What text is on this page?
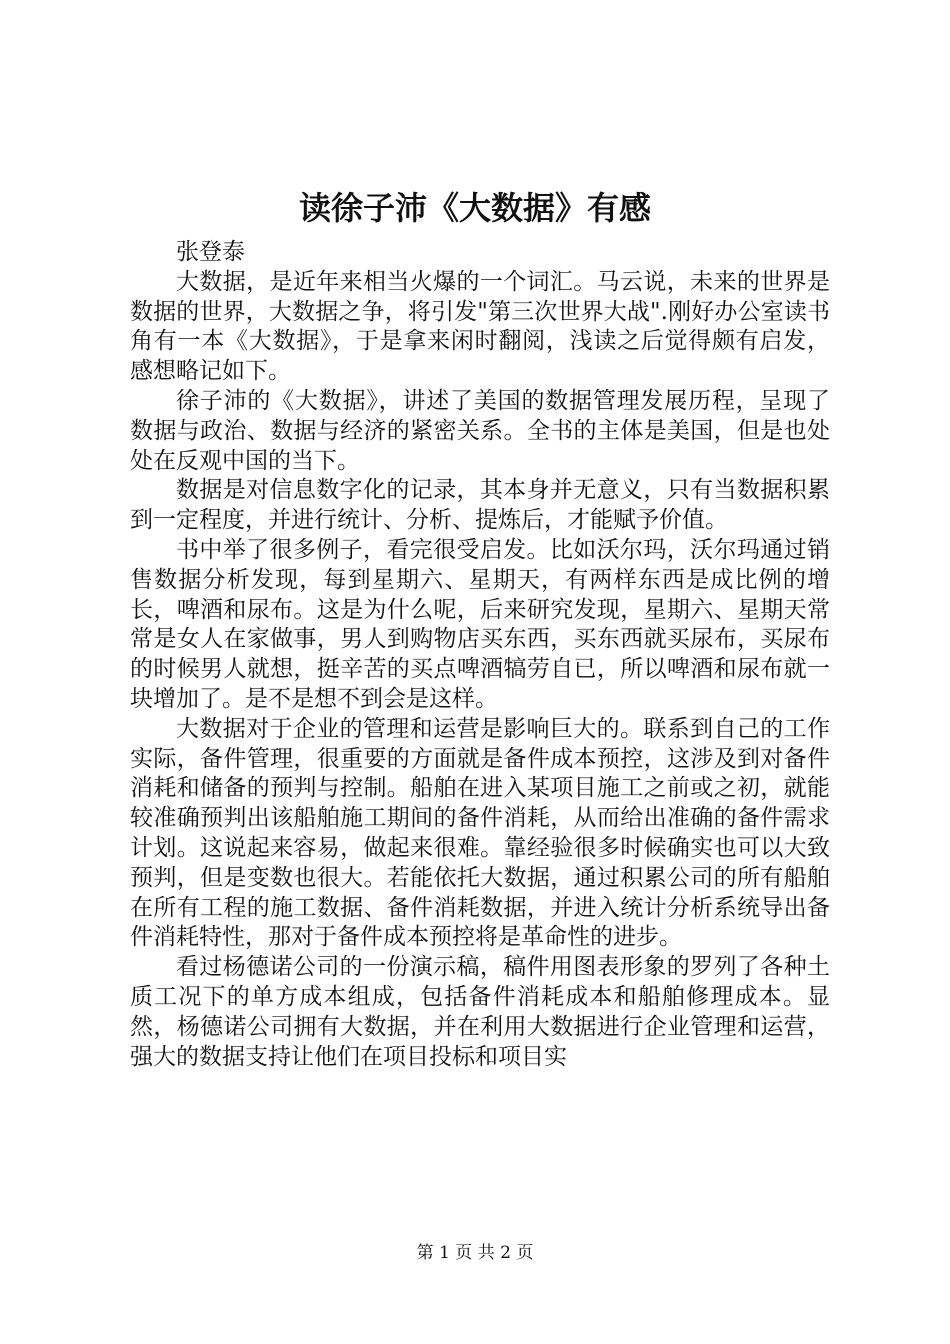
读徐子沛《大数据》有感

张登泰

大数据，是近年来相当火爆的一个词汇。马云说，未来的世界是数据的世界，大数据之争，将引发"第三次世界大战".刚好办公室读书角有一本《大数据》，于是拿来闲时翻阅，浅读之后觉得颇有启发，感想略记如下。

徐子沛的《大数据》，讲述了美国的数据管理发展历程，呈现了数据与政治、数据与经济的紧密关系。全书的主体是美国，但是也处处在反观中国的当下。

数据是对信息数字化的记录，其本身并无意义，只有当数据积累到一定程度，并进行统计、分析、提炼后，才能赋予价值。

书中举了很多例子，看完很受启发。比如沃尔玛，沃尔玛通过销售数据分析发现，每到星期六、星期天，有两样东西是成比例的增长，啤酒和尿布。这是为什么呢，后来研究发现，星期六、星期天常常是女人在家做事，男人到购物店买东西，买东西就买尿布，买尿布的时候男人就想，挺辛苦的买点啤酒犒劳自已，所以啤酒和尿布就一块增加了。是不是想不到会是这样。

大数据对于企业的管理和运营是影响巨大的。联系到自己的工作实际，备件管理，很重要的方面就是备件成本预控，这涉及到对备件消耗和储备的预判与控制。船舶在进入某项目施工之前或之初，就能较准确预判出该船舶施工期间的备件消耗，从而给出准确的备件需求计划。这说起来容易，做起来很难。靠经验很多时候确实也可以大致预判，但是变数也很大。若能依托大数据，通过积累公司的所有船舶在所有工程的施工数据、备件消耗数据，并进入统计分析系统导出备件消耗特性，那对于备件成本预控将是革命性的进步。

看过杨德诺公司的一份演示稿，稿件用图表形象的罗列了各种土质工况下的单方成本组成，包括备件消耗成本和船舶修理成本。显然，杨德诺公司拥有大数据，并在利用大数据进行企业管理和运营，强大的数据支持让他们在项目投标和项目实

第 1 页 共 2 页
